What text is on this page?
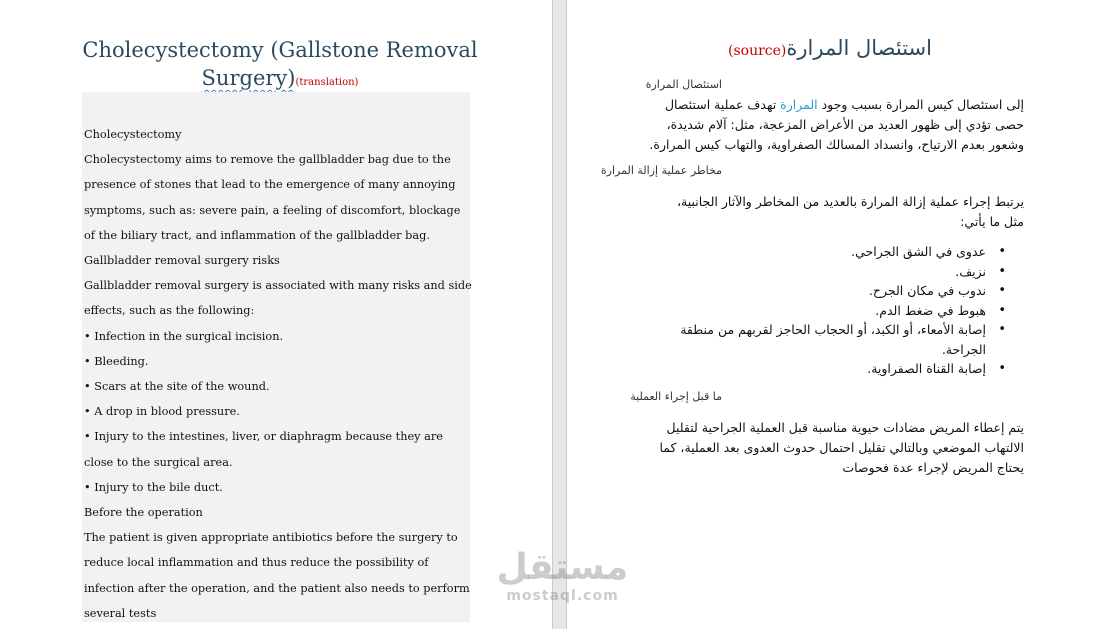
Cholecystectomy (Gallstone Removal
Surgery)(translation)

Cholecystectomy

Cholecystectomy aims to remove the gallbladder bag due to the presence of stones that lead to the emergence of many annoying symptoms, such as: severe pain, a feeling of discomfort, blockage of the biliary tract, and inflammation of the gallbladder bag.

Gallbladder removal surgery risks

Gallbladder removal surgery is associated with many risks and side effects, such as the following:

• Infection in the surgical incision.

• Bleeding.

• Scars at the site of the wound.

• A drop in blood pressure.

• Injury to the intestines, liver, or diaphragm because they are close to the surgical area.

• Injury to the bile duct.

Before the operation

The patient is given appropriate antibiotics before the surgery to reduce local inflammation and thus reduce the possibility of infection after the operation, and the patient also needs to perform several tests

استئصال المرارة(source)
استئصال المرارة

إلى استئصال كيس المرارة بسبب وجود المرارة تهدف عملية استئصال

حصى تؤدي إلى ظهور العديد من الأعراض المزعجة، مثل: آلام شديدة،

وشعور بعدم الارتياح، وانسداد المسالك الصفراوية، والتهاب كيس المرارة.

مخاطر عملية إزالة المرارة

يرتبط إجراء عملية إزالة المرارة بالعديد من المخاطر والآثار الجانبية،

مثل ما يأتي:

• عدوى في الشق الجراحي.
• نزيف.
• ندوب في مكان الجرح.
• هبوط في ضغط الدم.
• إصابة الأمعاء، أو الكبد، أو الحجاب الحاجز لقربهم من منطقة الجراحة.
• إصابة القناة الصفراوية.
ما قبل إجراء العملية

يتم إعطاء المريض مضادات حيوية مناسبة قبل العملية الجراحية لتقليل

الالتهاب الموضعي وبالتالي تقليل احتمال حدوث العدوى بعد العملية، كما

يحتاج المريض لإجراء عدة فحوصات

مستقل
mostaql.com
